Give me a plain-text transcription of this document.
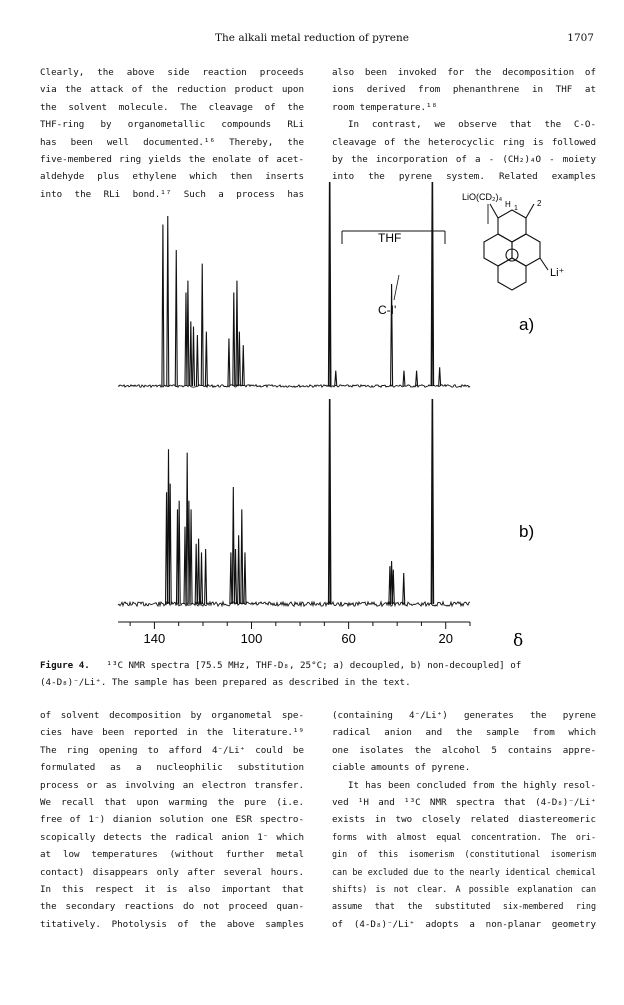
The alkali metal reduction of pyrene	1707

Clearly, the above side reaction proceeds

via the attack of the reduction product upon

the solvent molecule. The cleavage of the

THF-ring by organometallic compounds RLi

has been well documented.¹⁶ Thereby, the

five-membered ring yields the enolate of acet-

aldehyde plus ethylene which then inserts

into the RLi bond.¹⁷ Such a process has

also been invoked for the decomposition of

ions derived from phenanthrene in THF at

room temperature.¹⁸

In contrast, we observe that the C-O-

cleavage of the heterocyclic ring is followed

by the incorporation of a - (CH₂)₄O - moiety

into the pyrene system. Related examples

140	100	60	20
THF
C-I'
LiO(CD₂)₄
H 1
2
Li⁺
a)
b)
δ

Figure 4. ¹³C NMR spectra [75.5 MHz, THF-D₈, 25°C; a) decoupled, b) non-decoupled] of

(4-D₈)⁻/Li⁺. The sample has been prepared as described in the text.

of solvent decomposition by organometal spe-

cies have been reported in the literature.¹⁹

The ring opening to afford 4⁻/Li⁺ could be

formulated as a nucleophilic substitution

process or as involving an electron transfer.

We recall that upon warming the pure (i.e.

free of 1⁻) dianion solution one ESR spectro-

scopically detects the radical anion 1⁻ which

at low temperatures (without further metal

contact) disappears only after several hours.

In this respect it is also important that

the secondary reactions do not proceed quan-

titatively. Photolysis of the above samples

(containing 4⁻/Li⁺) generates the pyrene

radical anion and the sample from which

one isolates the alcohol 5 contains appre-

ciable amounts of pyrene.

It has been concluded from the highly resol-

ved ¹H and ¹³C NMR spectra that (4-D₈)⁻/Li⁺

exists in two closely related diastereomeric

forms with almost equal concentration. The ori-

gin of this isomerism (constitutional isomerism

can be excluded due to the nearly identical chemical

shifts) is not clear. A possible explanation can

assume that the substituted six-membered ring

of (4-D₈)⁻/Li⁺ adopts a non-planar geometry
